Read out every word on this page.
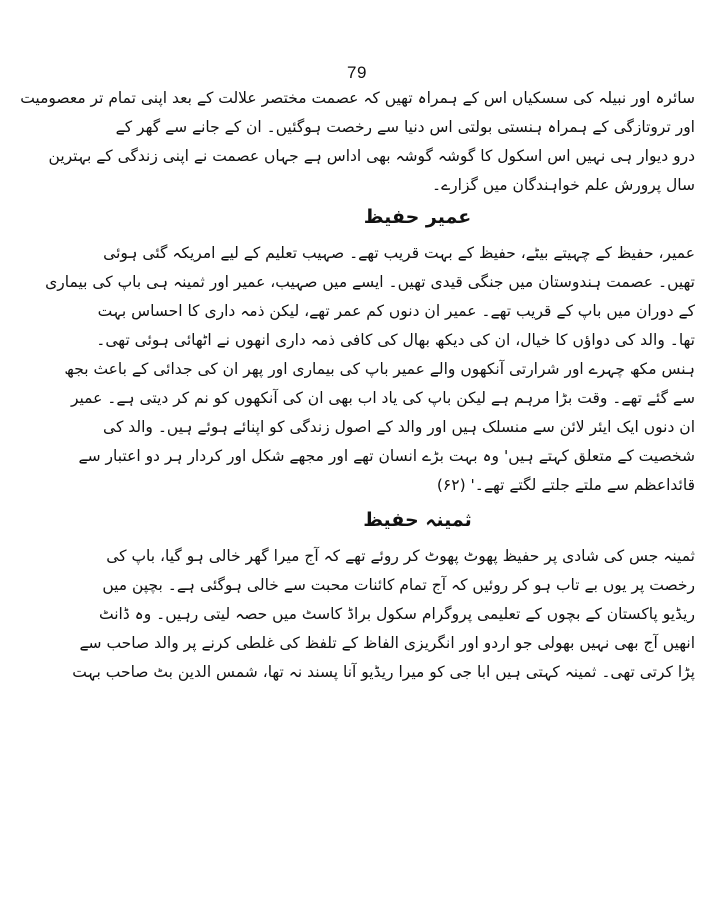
79
سائرہ اور نبیلہ کی سسکیاں اس کے ہمراہ تھیں کہ عصمت مختصر علالت کے بعد اپنی تمام تر معصومیت
اور تروتازگی کے ہمراہ ہنستی بولتی اس دنیا سے رخصت ہوگئیں۔ ان کے جانے سے گھر کے
درو دیوار ہی نہیں اس اسکول کا گوشہ گوشہ بھی اداس ہے جہاں عصمت نے اپنی زندگی کے بہترین
سال پرورش علم خواہندگان میں گزارے۔
عمیر حفیظ
عمیر، حفیظ کے چہیتے بیٹے، حفیظ کے بہت قریب تھے۔ صہیب تعلیم کے لیے امریکہ گئی ہوئی
تھیں۔ عصمت ہندوستان میں جنگی قیدی تھیں۔ ایسے میں صہیب، عمیر اور ثمینہ ہی باپ کی بیماری
کے دوران میں باپ کے قریب تھے۔ عمیر ان دنوں کم عمر تھے، لیکن ذمہ داری کا احساس بہت
تھا۔ والد کی دواؤں کا خیال، ان کی دیکھ بھال کی کافی ذمہ داری انھوں نے اٹھائی ہوئی تھی۔
ہنس مکھ چہرے اور شرارتی آنکھوں والے عمیر باپ کی بیماری اور پھر ان کی جدائی کے باعث بجھ
سے گئے تھے۔ وقت بڑا مرہم ہے لیکن باپ کی یاد اب بھی ان کی آنکھوں کو نم کر دیتی ہے۔ عمیر
ان دنوں ایک ایئر لائن سے منسلک ہیں اور والد کے اصول زندگی کو اپنائے ہوئے ہیں۔ والد کی
شخصیت کے متعلق کہتے ہیں' وہ بہت بڑے انسان تھے اور مجھے شکل اور کردار ہر دو اعتبار سے
قائداعظم سے ملتے جلتے لگتے تھے۔' (۶۲)
ثمینہ حفیظ
ثمینہ جس کی شادی پر حفیظ پھوٹ پھوٹ کر روئے تھے کہ آج میرا گھر خالی ہو گیا، باپ کی
رخصت پر یوں بے تاب ہو کر روئیں کہ آج تمام کائنات محبت سے خالی ہوگئی ہے۔ بچپن میں
ریڈیو پاکستان کے بچوں کے تعلیمی پروگرام سکول براڈ کاسٹ میں حصہ لیتی رہیں۔ وہ ڈانٹ
انھیں آج بھی نہیں بھولی جو اردو اور انگریزی الفاظ کے تلفظ کی غلطی کرنے پر والد صاحب سے
پڑا کرتی تھی۔ ثمینہ کہتی ہیں ابا جی کو میرا ریڈیو آنا پسند نہ تھا، شمس الدین بٹ صاحب بہت
